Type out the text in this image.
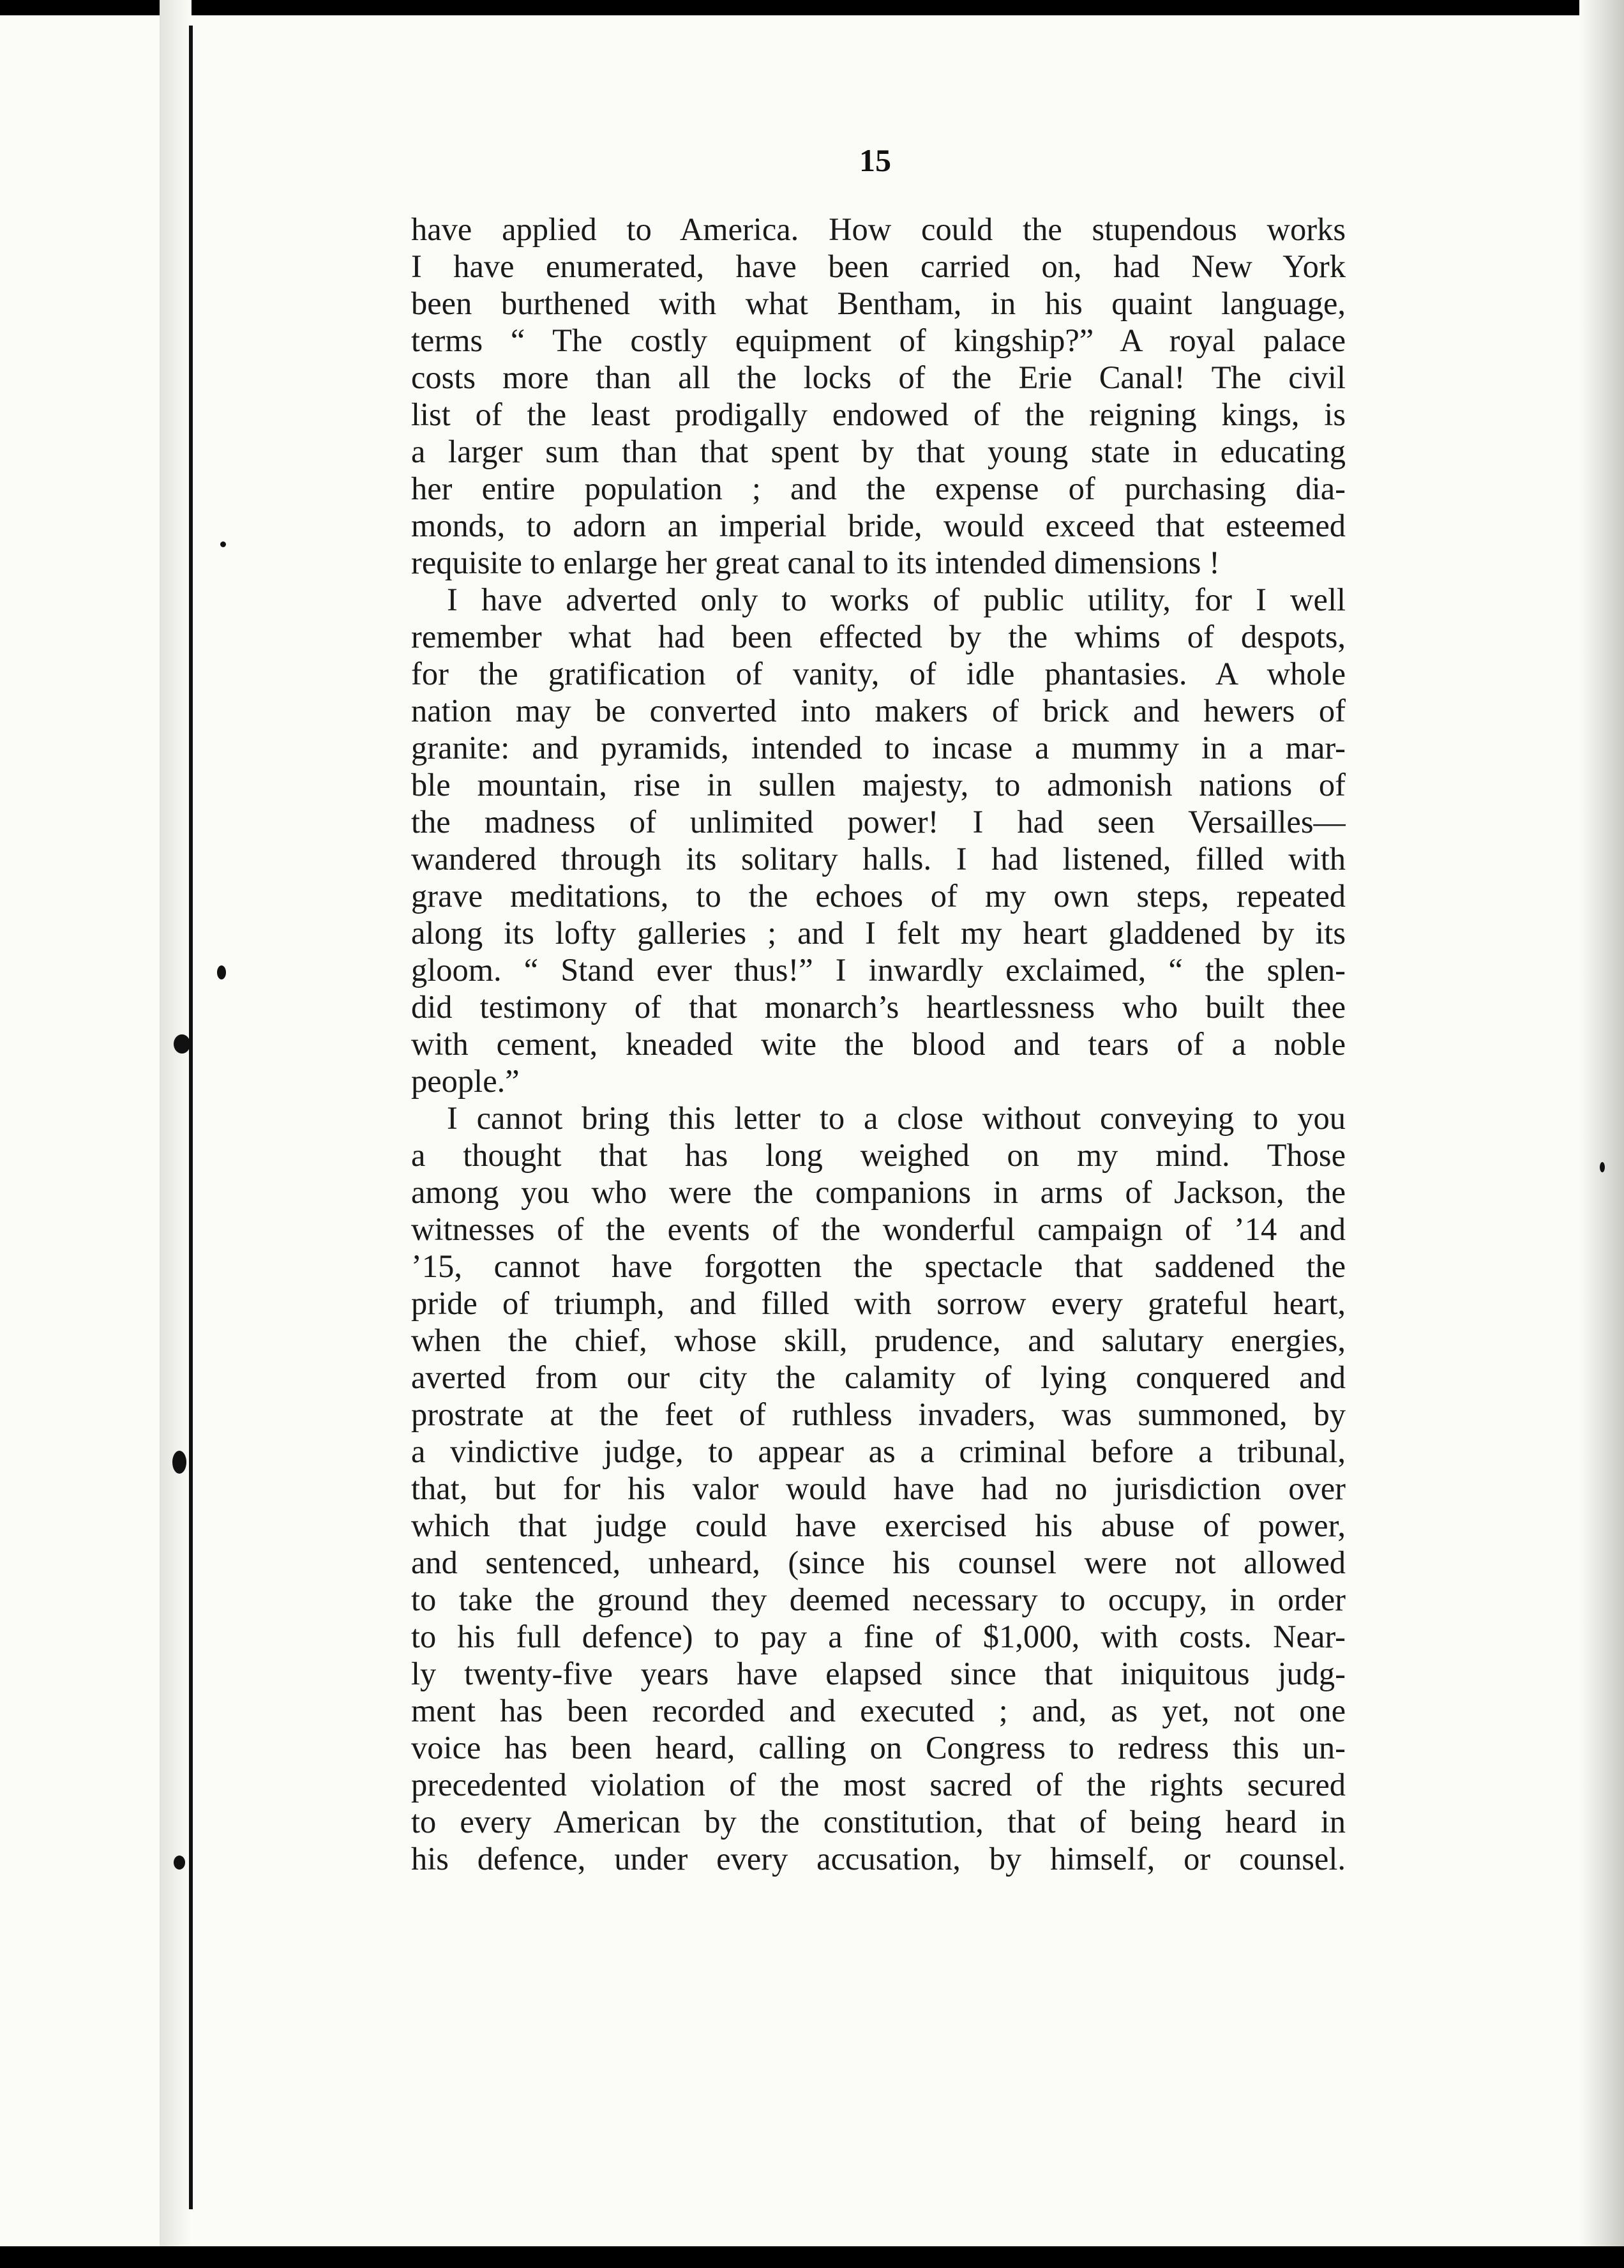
15
have applied to America. How could the stupendous works
I have enumerated, have been carried on, had New York
been burthened with what Bentham, in his quaint language,
terms “ The costly equipment of kingship?” A royal palace
costs more than all the locks of the Erie Canal! The civil
list of the least prodigally endowed of the reigning kings, is
a larger sum than that spent by that young state in educating
her entire population ; and the expense of purchasing dia-
monds, to adorn an imperial bride, would exceed that esteemed
requisite to enlarge her great canal to its intended dimensions !
I have adverted only to works of public utility, for I well
remember what had been effected by the whims of despots,
for the gratification of vanity, of idle phantasies. A whole
nation may be converted into makers of brick and hewers of
granite: and pyramids, intended to incase a mummy in a mar-
ble mountain, rise in sullen majesty, to admonish nations of
the madness of unlimited power! I had seen Versailles—
wandered through its solitary halls. I had listened, filled with
grave meditations, to the echoes of my own steps, repeated
along its lofty galleries ; and I felt my heart gladdened by its
gloom. “ Stand ever thus!” I inwardly exclaimed, “ the splen-
did testimony of that monarch’s heartlessness who built thee
with cement, kneaded wite the blood and tears of a noble
people.”
I cannot bring this letter to a close without conveying to you
a thought that has long weighed on my mind. Those
among you who were the companions in arms of Jackson, the
witnesses of the events of the wonderful campaign of ’14 and
’15, cannot have forgotten the spectacle that saddened the
pride of triumph, and filled with sorrow every grateful heart,
when the chief, whose skill, prudence, and salutary energies,
averted from our city the calamity of lying conquered and
prostrate at the feet of ruthless invaders, was summoned, by
a vindictive judge, to appear as a criminal before a tribunal,
that, but for his valor would have had no jurisdiction over
which that judge could have exercised his abuse of power,
and sentenced, unheard, (since his counsel were not allowed
to take the ground they deemed necessary to occupy, in order
to his full defence) to pay a fine of $1,000, with costs. Near-
ly twenty-five years have elapsed since that iniquitous judg-
ment has been recorded and executed ; and, as yet, not one
voice has been heard, calling on Congress to redress this un-
precedented violation of the most sacred of the rights secured
to every American by the constitution, that of being heard in
his defence, under every accusation, by himself, or counsel.
